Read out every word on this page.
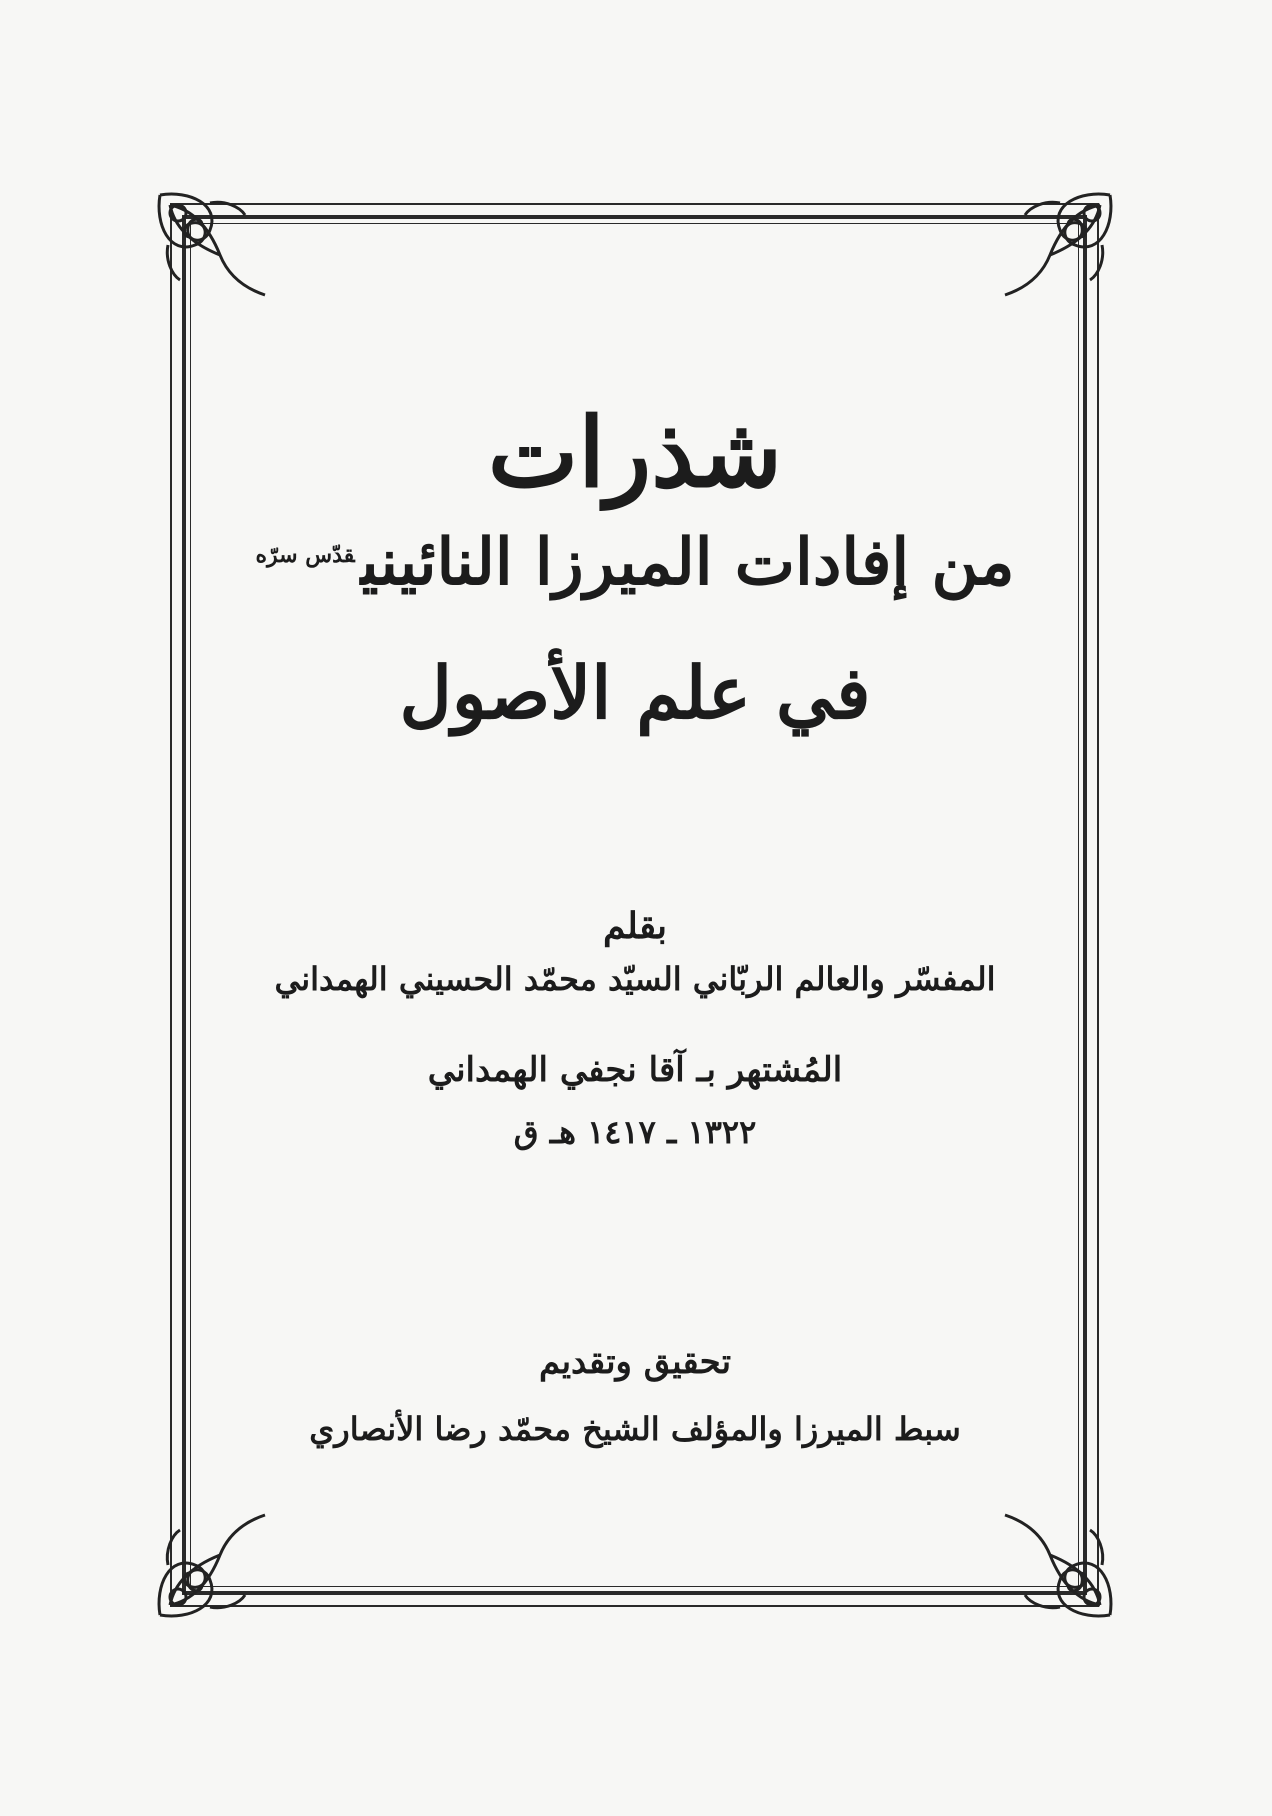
شذرات
من إفادات الميرزا النائيني$^{قدّس سرّه}$
في علم الأصول
بقلم
المفسّر والعالم الربّاني السيّد محمّد الحسيني الهمداني
المُشتهر بـ آقا نجفي الهمداني
١٣٢٢ ـ ١٤١٧ هـ ق
تحقيق وتقديم
سبط الميرزا والمؤلف الشيخ محمّد رضا الأنصاري
